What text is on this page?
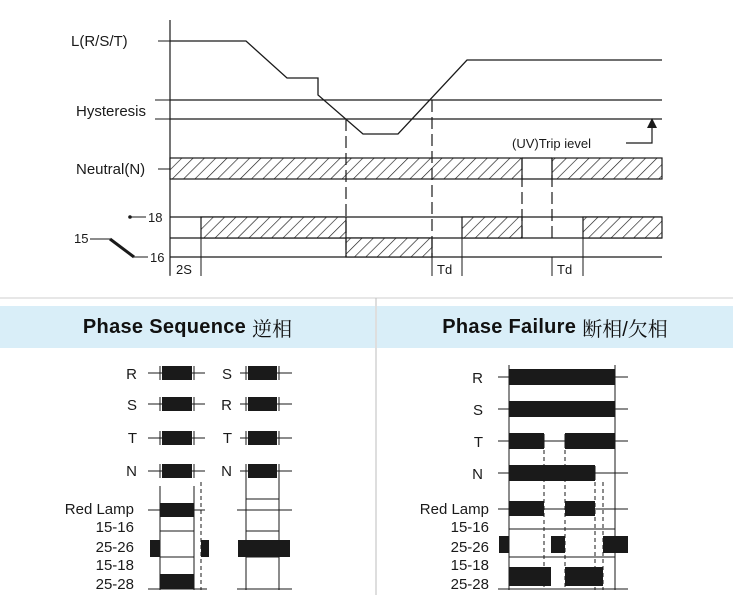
L(R/S/T)
Hysteresis
(UV)Trip ievel
Neutral(N)
18
15
16
2S	Td	Td
R
S
T
N
S
R
T
N
Red Lamp
15-16
25-26
15-18
25-28
R
S
T
N
Red Lamp
15-16
25-26
15-18
25-28
Phase Sequence 逆相	Phase Failure 断相/欠相
